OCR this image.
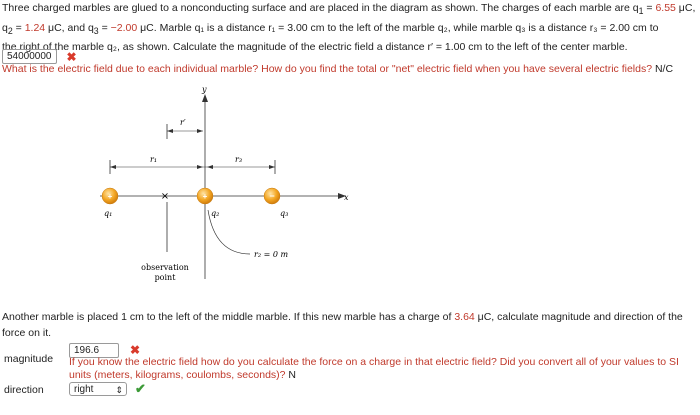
Three charged marbles are glued to a nonconducting surface and are placed in the diagram as shown. The charges of each marble are $q_1 = 6.55$ μC,
$q_2 = 1.24$ μC, and $q_3 = -2.00$ μC. Marble q₁ is a distance r₁ = 3.00 cm to the left of the marble q₂, while marble q₃ is a distance r₃ = 2.00 cm to
the right of the marble q₂, as shown. Calculate the magnitude of the electric field a distance r′ = 1.00 cm to the left of the center marble.
54000000	✖
What is the electric field due to each individual marble? How do you find the total or "net" electric field when you have several electric fields? N/C
y
x
r′
r₁	r₃
×
observation
point
+
q₁
+
q₂
−
q₃
r₂ = 0 m
Another marble is placed 1 cm to the left of the middle marble. If this new marble has a charge of 3.64 μC, calculate magnitude and direction of the
force on it.
magnitude
196.6	✖
If you know the electric field how do you calculate the force on a charge in that electric field? Did you convert all of your values to SI units (meters, kilograms, coulombs, seconds)? N
direction	right ⇕ ✔
